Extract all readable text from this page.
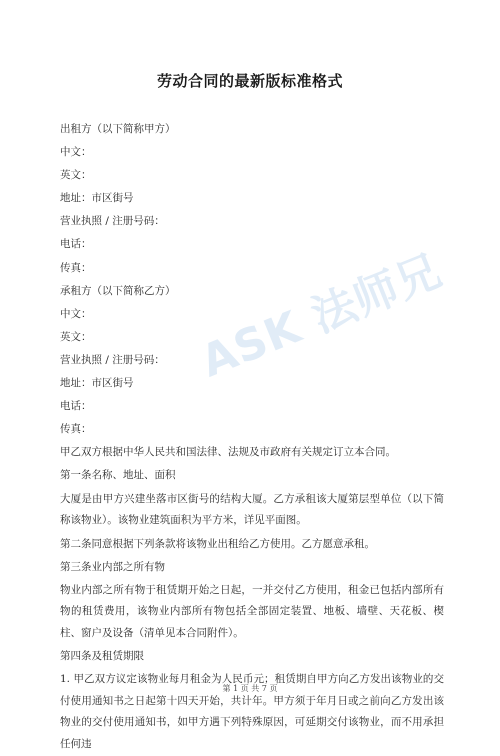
劳动合同的最新版标准格式
出租方（以下简称甲方）
中文：
英文：
地址：市区街号
营业执照 / 注册号码：
电话：
传真：
承租方（以下简称乙方）
中文：
英文：
营业执照 / 注册号码：
地址：市区街号
电话：
传真：
甲乙双方根据中华人民共和国法律、法规及市政府有关规定订立本合同。
第一条名称、地址、面积

大厦是由甲方兴建坐落市区街号的结构大厦。乙方承租该大厦第层型单位（以下简称该物业）。该物业建筑面积为平方米，详见平面图。

第二条同意根据下列条款将该物业出租给乙方使用。乙方愿意承租。
第三条业内部之所有物

物业内部之所有物于租赁期开始之日起，一并交付乙方使用，租金已包括内部所有物的租赁费用，该物业内部所有物包括全部固定装置、地板、墙壁、天花板、楔柱、窗户及设备（清单见本合同附件）。

第四条及租赁期限

1. 甲乙双方议定该物业每月租金为人民币元；租赁期自甲方向乙方发出该物业的交付使用通知书之日起第十四天开始，共计年。甲方须于年月日或之前向乙方发出该物业的交付使用通知书，如甲方遇下列特殊原因，可延期交付该物业，而不用承担任何违

ASK 法师兄
第 1 页 共 7 页
